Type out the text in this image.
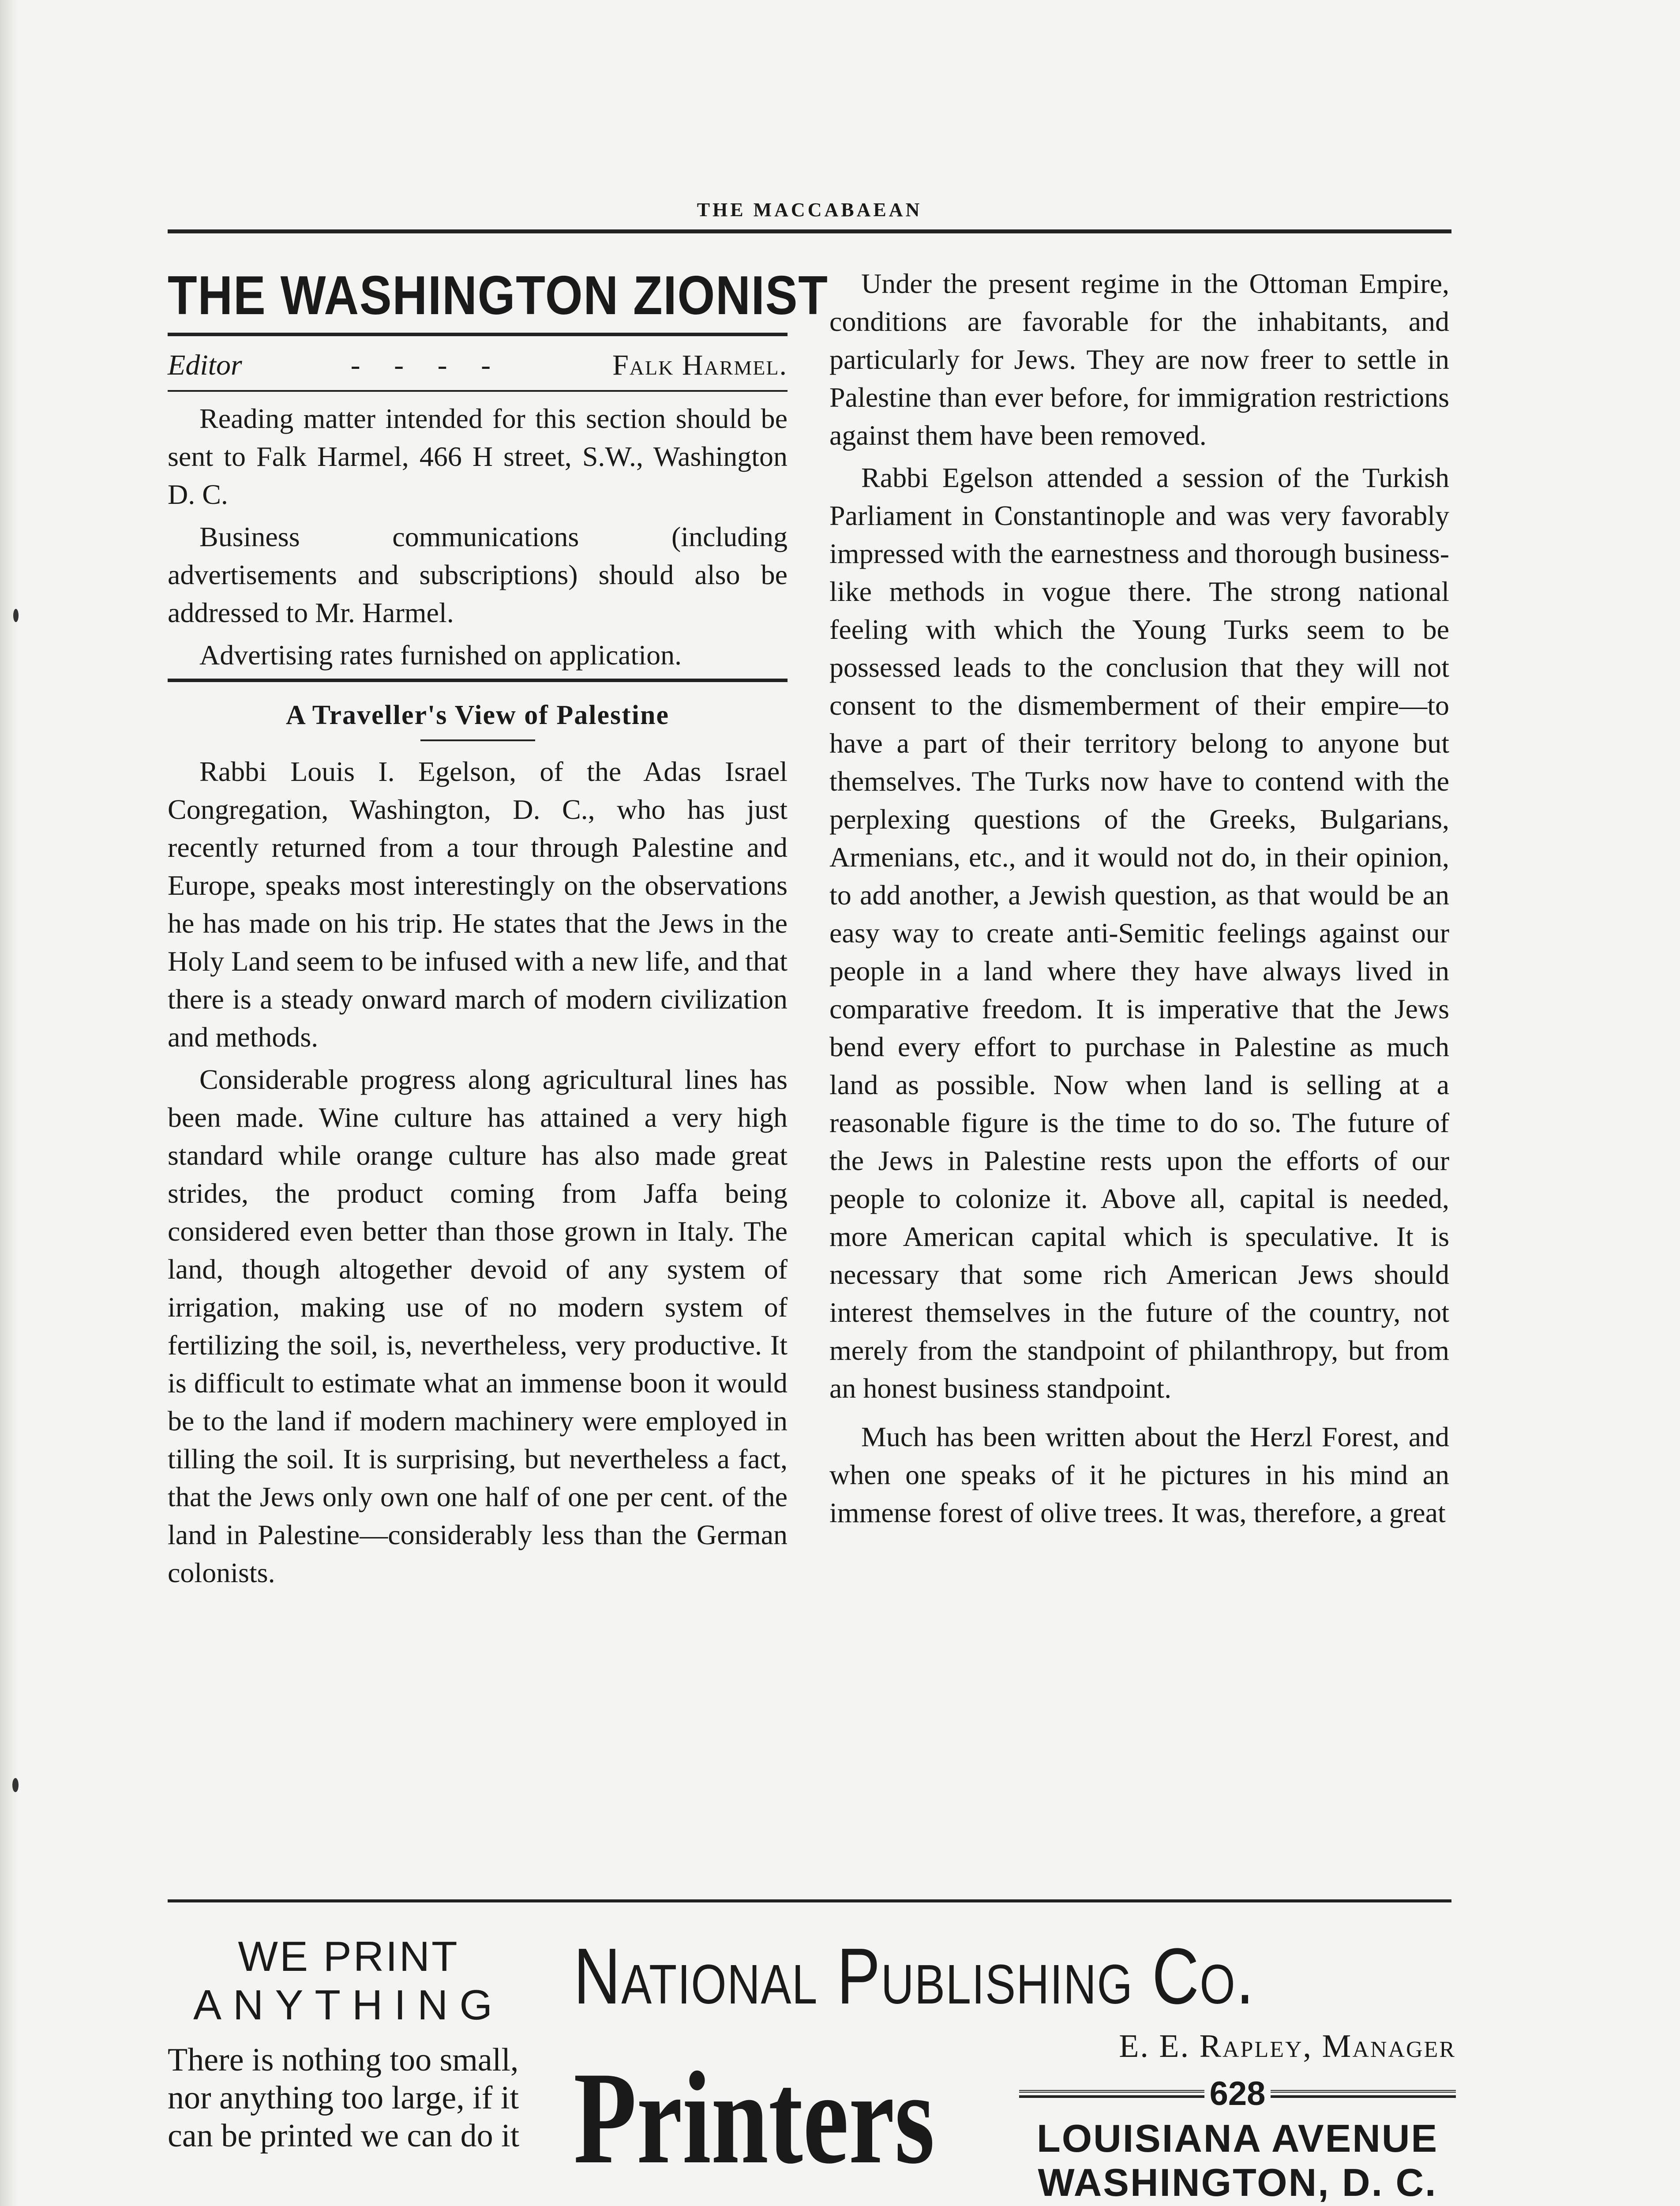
THE MACCABAEAN
THE WASHINGTON ZIONIST
Editor	- - - -	Falk Harmel.

Reading matter intended for this section should be sent to Falk Harmel, 466 H street, S.W., Washington D. C.

Business communications (including advertisements and subscriptions) should also be addressed to Mr. Harmel.

Advertising rates furnished on application.

A Traveller's View of Palestine

Rabbi Louis I. Egelson, of the Adas Israel Congregation, Washington, D. C., who has just recently returned from a tour through Palestine and Europe, speaks most interestingly on the observations he has made on his trip. He states that the Jews in the Holy Land seem to be infused with a new life, and that there is a steady onward march of modern civilization and methods.

Considerable progress along agricultural lines has been made. Wine culture has attained a very high standard while orange culture has also made great strides, the product coming from Jaffa being considered even better than those grown in Italy. The land, though altogether devoid of any system of irrigation, making use of no modern system of fertilizing the soil, is, nevertheless, very productive. It is difficult to estimate what an immense boon it would be to the land if modern machinery were employed in tilling the soil. It is surprising, but nevertheless a fact, that the Jews only own one half of one per cent. of the land in Palestine—considerably less than the German colonists.

Under the present regime in the Ottoman Empire, conditions are favorable for the inhabitants, and particularly for Jews. They are now freer to settle in Palestine than ever before, for immigration restrictions against them have been removed.

Rabbi Egelson attended a session of the Turkish Parliament in Constantinople and was very favorably impressed with the earnestness and thorough business-like methods in vogue there. The strong national feeling with which the Young Turks seem to be possessed leads to the conclusion that they will not consent to the dismemberment of their empire—to have a part of their territory belong to anyone but themselves. The Turks now have to contend with the perplexing questions of the Greeks, Bulgarians, Armenians, etc., and it would not do, in their opinion, to add another, a Jewish question, as that would be an easy way to create anti-Semitic feelings against our people in a land where they have always lived in comparative freedom. It is imperative that the Jews bend every effort to purchase in Palestine as much land as possible. Now when land is selling at a reasonable figure is the time to do so. The future of the Jews in Palestine rests upon the efforts of our people to colonize it. Above all, capital is needed, more American capital which is speculative. It is necessary that some rich American Jews should interest themselves in the future of the country, not merely from the standpoint of philanthropy, but from an honest business standpoint.

Much has been written about the Herzl Forest, and when one speaks of it he pictures in his mind an immense forest of olive trees. It was, therefore, a great

WE PRINT
ANYTHING
There is nothing too small, nor anything too large, if it can be printed we can do it
National Publishing Co.
Printers	E. E. Rapley, Manager
628
LOUISIANA AVENUE
WASHINGTON, D. C.
